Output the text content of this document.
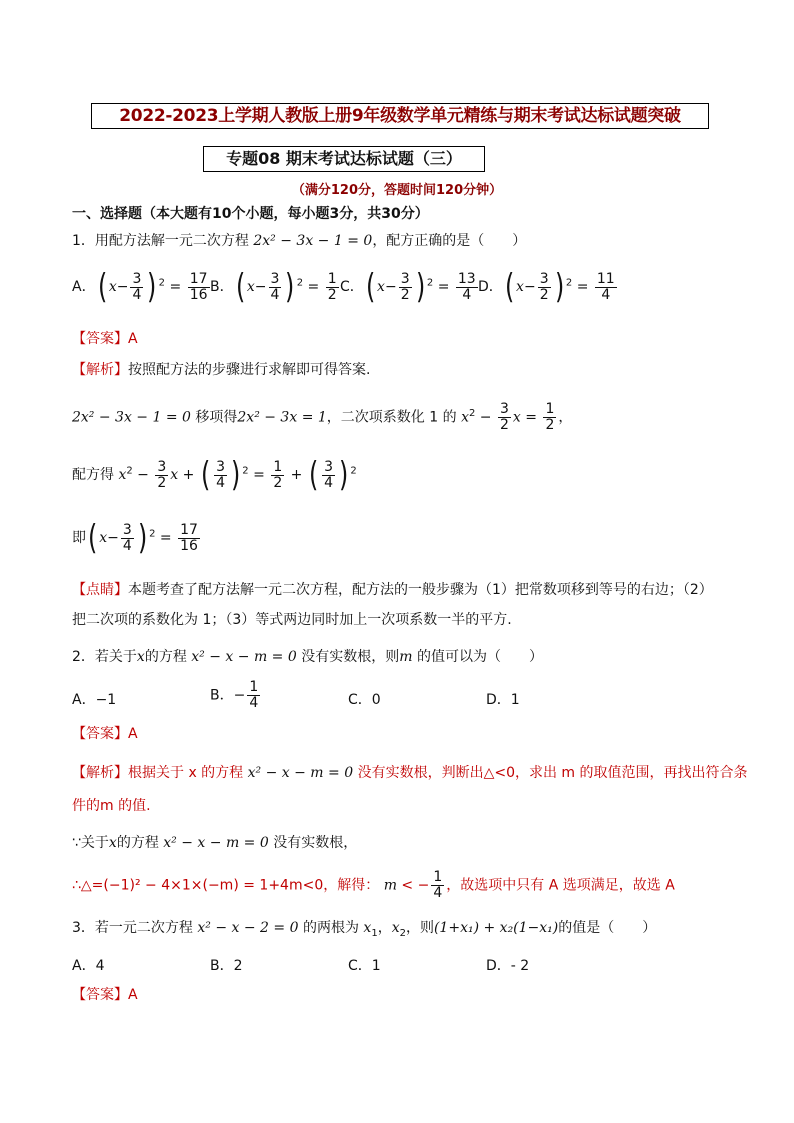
2022-2023上学期人教版上册9年级数学单元精练与期末考试达标试题突破
专题08 期末考试达标试题（三）
（满分120分，答题时间120分钟）
一、选择题（本大题有10个小题，每小题3分，共30分）
1．用配方法解一元二次方程 2x² − 3x − 1 = 0，配方正确的是（　　）
A．( $x- \frac{3}{4}$ ) $^2 = \frac{17}{16}$ B．( $x- \frac{3}{4}$ ) $^2 = \frac{1}{2}$ C．( $x- \frac{3}{2}$ ) $^2 = \frac{13}{4}$ D．( $x- \frac{3}{2}$ ) $^2 = \frac{11}{4}$
【答案】A
【解析】按照配方法的步骤进行求解即可得答案.
2x² − 3x − 1 = 0 移项得2x² − 3x = 1，二次项系数化 1 的 $x^2 - \frac{3}{2}$ $x = \frac{1}{2}$ ，
配方得 $x^2 - \frac{3}{2}$ x + ( $\frac{3}{4}$ ) $^2 = \frac{1}{2}$ + ( $\frac{3}{4}$ ) $^2$
即( $x- \frac{3}{4}$ ) $^2 = \frac{17}{16}$
【点睛】本题考查了配方法解一元二次方程，配方法的一般步骤为（1）把常数项移到等号的右边；（2）
把二次项的系数化为 1；（3）等式两边同时加上一次项系数一半的平方.
2．若关于x的方程 x² − x − m = 0 没有实数根，则m 的值可以为（　　）
A．−1	B．− $\frac{1}{4}$	C．0	D．1
【答案】A
【解析】根据关于 x 的方程 x² − x − m = 0 没有实数根，判断出△<0，求出 m 的取值范围，再找出符合条
件的m 的值.
∵关于x的方程 x² − x − m = 0 没有实数根，
∴△=(−1)² − 4×1×(−m) = 1+4m<0，解得： m < − $\frac{1}{4}$ ，故选项中只有 A 选项满足，故选 A
3．若一元二次方程 x² − x − 2 = 0 的两根为 $x_1$，$x_2$，则(1+x₁) + x₂(1−x₁)的值是（　　）
A．4	B．2	C．1	D．- 2
【答案】A
